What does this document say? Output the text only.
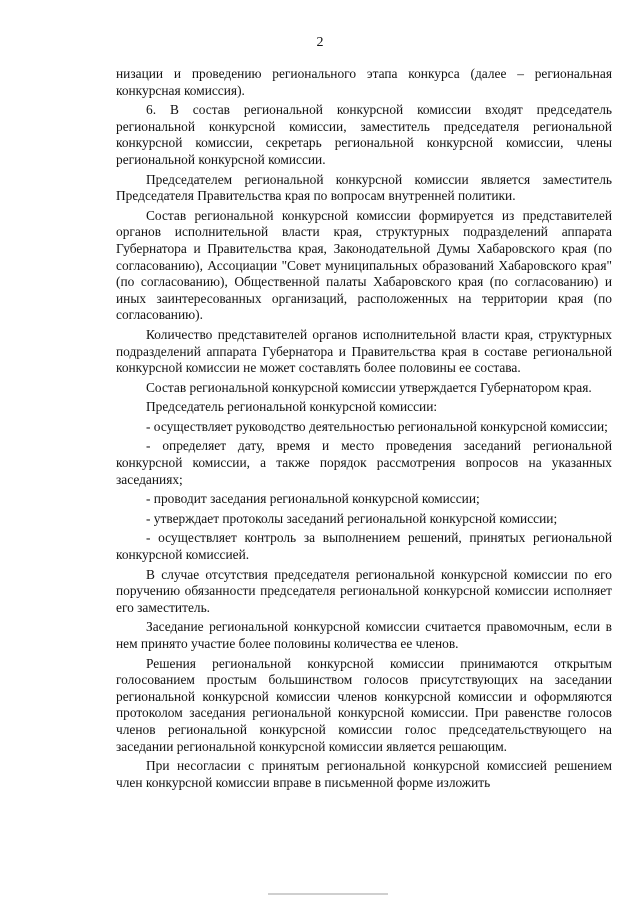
2

низации и проведению регионального этапа конкурса (далее – региональная конкурсная комиссия).

6. В состав региональной конкурсной комиссии входят председатель региональной конкурсной комиссии, заместитель председателя региональной конкурсной комиссии, секретарь региональной конкурсной комиссии, члены региональной конкурсной комиссии.

Председателем региональной конкурсной комиссии является заместитель Председателя Правительства края по вопросам внутренней политики.

Состав региональной конкурсной комиссии формируется из представителей органов исполнительной власти края, структурных подразделений аппарата Губернатора и Правительства края, Законодательной Думы Хабаровского края (по согласованию), Ассоциации "Совет муниципальных образований Хабаровского края" (по согласованию), Общественной палаты Хабаровского края (по согласованию) и иных заинтересованных организаций, расположенных на территории края (по согласованию).

Количество представителей органов исполнительной власти края, структурных подразделений аппарата Губернатора и Правительства края в составе региональной конкурсной комиссии не может составлять более половины ее состава.

Состав региональной конкурсной комиссии утверждается Губернатором края.

Председатель региональной конкурсной комиссии:

- осуществляет руководство деятельностью региональной конкурсной комиссии;

- определяет дату, время и место проведения заседаний региональной конкурсной комиссии, а также порядок рассмотрения вопросов на указанных заседаниях;

- проводит заседания региональной конкурсной комиссии;

- утверждает протоколы заседаний региональной конкурсной комиссии;

- осуществляет контроль за выполнением решений, принятых региональной конкурсной комиссией.

В случае отсутствия председателя региональной конкурсной комиссии по его поручению обязанности председателя региональной конкурсной комиссии исполняет его заместитель.

Заседание региональной конкурсной комиссии считается правомочным, если в нем принято участие более половины количества ее членов.

Решения региональной конкурсной комиссии принимаются открытым голосованием простым большинством голосов присутствующих на заседании региональной конкурсной комиссии членов конкурсной комиссии и оформляются протоколом заседания региональной конкурсной комиссии. При равенстве голосов членов региональной конкурсной комиссии голос председательствующего на заседании региональной конкурсной комиссии является решающим.

При несогласии с принятым региональной конкурсной комиссией решением член конкурсной комиссии вправе в письменной форме изложить
